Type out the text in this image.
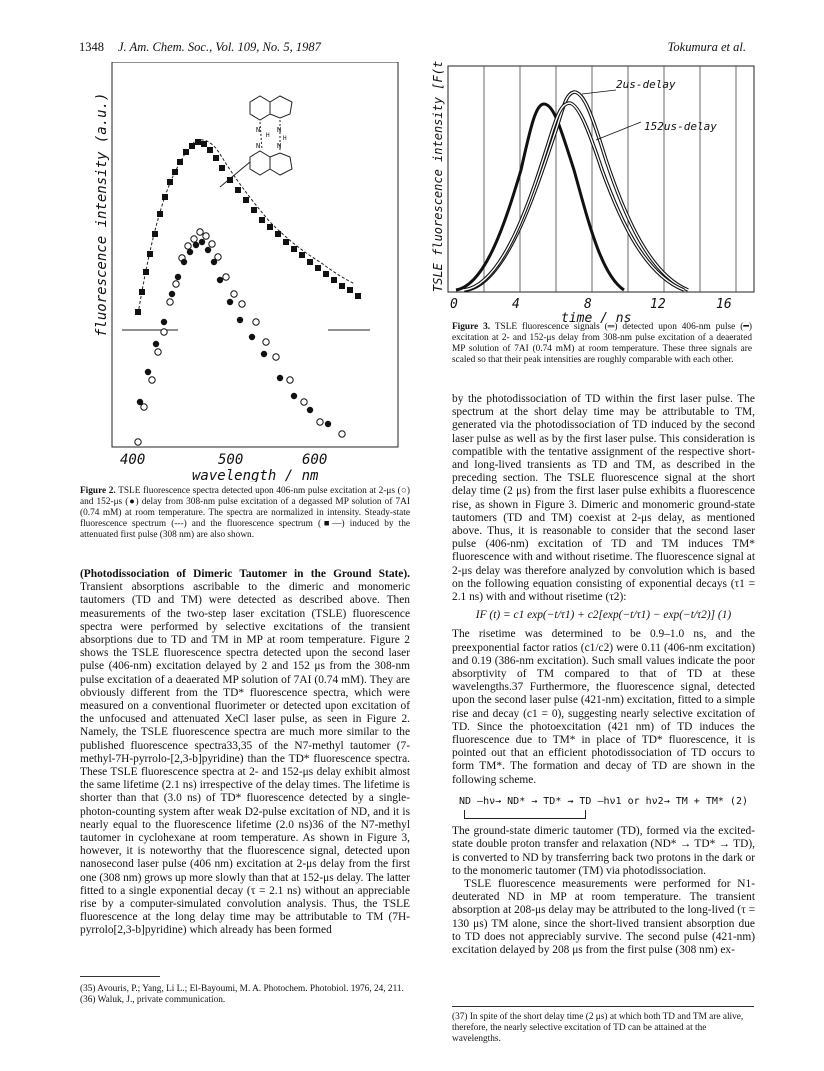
1348 J. Am. Chem. Soc., Vol. 109, No. 5, 1987	Tokumura et al.
N N
N N
H H
400	500	600
wavelength / nm
fluorescence intensity (a.u.)

Figure 2. TSLE fluorescence spectra detected upon 406-nm pulse excitation at 2-μs (○) and 152-μs (●) delay from 308-nm pulse excitation of a degassed MP solution of 7AI (0.74 mM) at room temperature. The spectra are normalized in intensity. Steady-state fluorescence spectrum (---) and the fluorescence spectrum (■—) induced by the attenuated first pulse (308 nm) are also shown.

(Photodissociation of Dimeric Tautomer in the Ground State). Transient absorptions ascribable to the dimeric and monomeric tautomers (TD and TM) were detected as described above. Then measurements of the two-step laser excitation (TSLE) fluorescence spectra were performed by selective excitations of the transient absorptions due to TD and TM in MP at room temperature. Figure 2 shows the TSLE fluorescence spectra detected upon the second laser pulse (406-nm) excitation delayed by 2 and 152 μs from the 308-nm pulse excitation of a deaerated MP solution of 7AI (0.74 mM). They are obviously different from the TD* fluorescence spectra, which were measured on a conventional fluorimeter or detected upon excitation of the unfocused and attenuated XeCl laser pulse, as seen in Figure 2. Namely, the TSLE fluorescence spectra are much more similar to the published fluorescence spectra33,35 of the N7-methyl tautomer (7-methyl-7H-pyrrolo-[2,3-b]pyridine) than the TD* fluorescence spectra. These TSLE fluorescence spectra at 2- and 152-μs delay exhibit almost the same lifetime (2.1 ns) irrespective of the delay times. The lifetime is shorter than that (3.0 ns) of TD* fluorescence detected by a single-photon-counting system after weak D2-pulse excitation of ND, and it is nearly equal to the fluorescence lifetime (2.0 ns)36 of the N7-methyl tautomer in cyclohexane at room temperature. As shown in Figure 3, however, it is noteworthy that the fluorescence signal, detected upon nanosecond laser pulse (406 nm) excitation at 2-μs delay from the first one (308 nm) grows up more slowly than that at 152-μs delay. The latter fitted to a single exponential decay (τ = 2.1 ns) without an appreciable rise by a computer-simulated convolution analysis. Thus, the TSLE fluorescence at the long delay time may be attributable to TM (7H-pyrrolo[2,3-b]pyridine) which already has been formed

(35) Avouris, P.; Yang, Li L.; El-Bayoumi, M. A. Photochem. Photobiol. 1976, 24, 211.

(36) Waluk, J., private communication.

2us-delay
152us-delay
0	4	8	12	16
time / ns
TSLE fluorescence intensity [F(t)]

Figure 3. TSLE fluorescence signals (═) detected upon 406-nm pulse (━) excitation at 2- and 152-μs delay from 308-nm pulse excitation of a deaerated MP solution of 7AI (0.74 mM) at room temperature. These three signals are scaled so that their peak intensities are roughly comparable with each other.

by the photodissociation of TD within the first laser pulse. The spectrum at the short delay time may be attributable to TM, generated via the photodissociation of TD induced by the second laser pulse as well as by the first laser pulse. This consideration is compatible with the tentative assignment of the respective short- and long-lived transients as TD and TM, as described in the preceding section. The TSLE fluorescence signal at the short delay time (2 μs) from the first laser pulse exhibits a fluorescence rise, as shown in Figure 3. Dimeric and monomeric ground-state tautomers (TD and TM) coexist at 2-μs delay, as mentioned above. Thus, it is reasonable to consider that the second laser pulse (406-nm) excitation of TD and TM induces TM* fluorescence with and without risetime. The fluorescence signal at 2-μs delay was therefore analyzed by convolution which is based on the following equation consisting of exponential decays (τ1 = 2.1 ns) with and without risetime (τ2):

IF (t) = c1 exp(−t/τ1) + c2[exp(−t/τ1) − exp(−t/τ2)] (1)

The risetime was determined to be 0.9–1.0 ns, and the preexponential factor ratios (c1/c2) were 0.11 (406-nm excitation) and 0.19 (386-nm excitation). Such small values indicate the poor absorptivity of TM compared to that of TD at these wavelengths.37 Furthermore, the fluorescence signal, detected upon the second laser pulse (421-nm) excitation, fitted to a simple rise and decay (c1 = 0), suggesting nearly selective excitation of TD. Since the photoexcitation (421 nm) of TD induces the fluorescence due to TM* in place of TD* fluorescence, it is pointed out that an efficient photodissociation of TD occurs to form TM*. The formation and decay of TD are shown in the following scheme.

ND —hν→ ND* → TD* ⇝ TD —hν1 or hν2→ TM + TM* (2)

The ground-state dimeric tautomer (TD), formed via the excited-state double proton transfer and relaxation (ND* → TD* → TD), is converted to ND by transferring back two protons in the dark or to the monomeric tautomer (TM) via photodissociation.

TSLE fluorescence measurements were performed for N1-deuterated ND in MP at room temperature. The transient absorption at 208-μs delay may be attributed to the long-lived (τ = 130 μs) TM alone, since the short-lived transient absorption due to TD does not appreciably survive. The second pulse (421-nm) excitation delayed by 208 μs from the first pulse (308 nm) ex-

(37) In spite of the short delay time (2 μs) at which both TD and TM are alive, therefore, the nearly selective excitation of TD can be attained at the wavelengths.
